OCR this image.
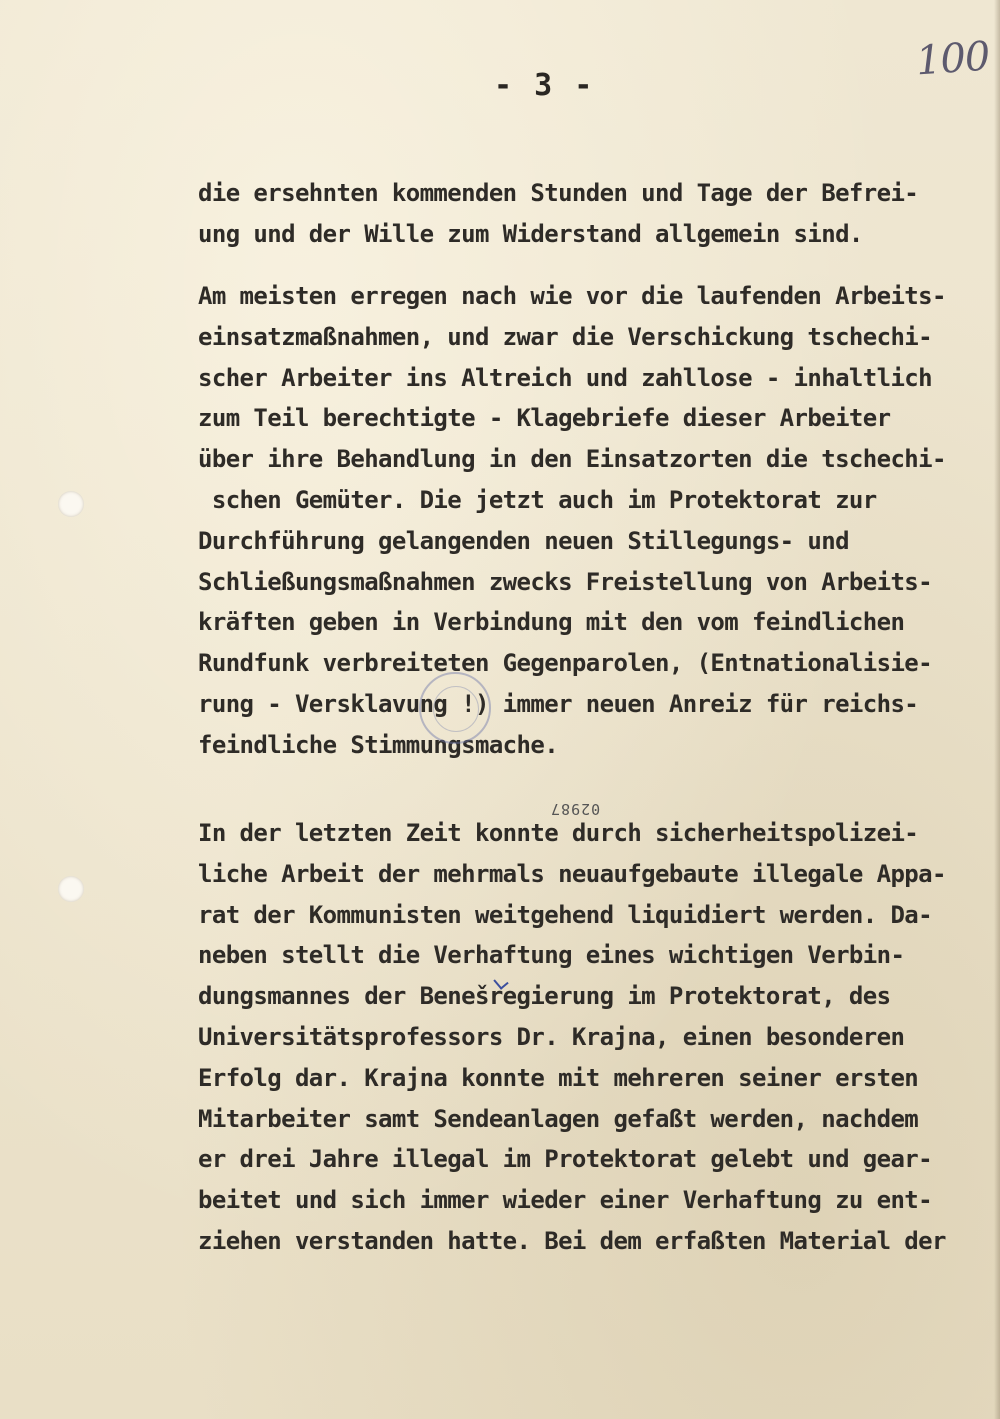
100
- 3 -

die ersehnten kommenden Stunden und Tage der Befrei-
ung und der Wille zum Widerstand allgemein sind.

Am meisten erregen nach wie vor die laufenden Arbeits-
einsatzmaßnahmen, und zwar die Verschickung tschechi-
scher Arbeiter ins Altreich und zahllose - inhaltlich
zum Teil berechtigte - Klagebriefe dieser Arbeiter
über ihre Behandlung in den Einsatzorten die tschechi-
schen Gemüter. Die jetzt auch im Protektorat zur
Durchführung gelangenden neuen Stillegungs- und
Schließungsmaßnahmen zwecks Freistellung von Arbeits-
kräften geben in Verbindung mit den vom feindlichen
Rundfunk verbreiteten Gegenparolen, (Entnationalisie-
rung - Versklavung !) immer neuen Anreiz für reichs-
feindliche Stimmungsmache.

02987

In der letzten Zeit konnte durch sicherheitspolizei-
liche Arbeit der mehrmals neuaufgebaute illegale Appa-
rat der Kommunisten weitgehend liquidiert werden. Da-
neben stellt die Verhaftung eines wichtigen Verbin-
dungsmannes der Benešregierung im Protektorat, des
Universitätsprofessors Dr. Krajna, einen besonderen
Erfolg dar. Krajna konnte mit mehreren seiner ersten
Mitarbeiter samt Sendeanlagen gefaßt werden, nachdem
er drei Jahre illegal im Protektorat gelebt und gear-
beitet und sich immer wieder einer Verhaftung zu ent-
ziehen verstanden hatte. Bei dem erfaßten Material der
